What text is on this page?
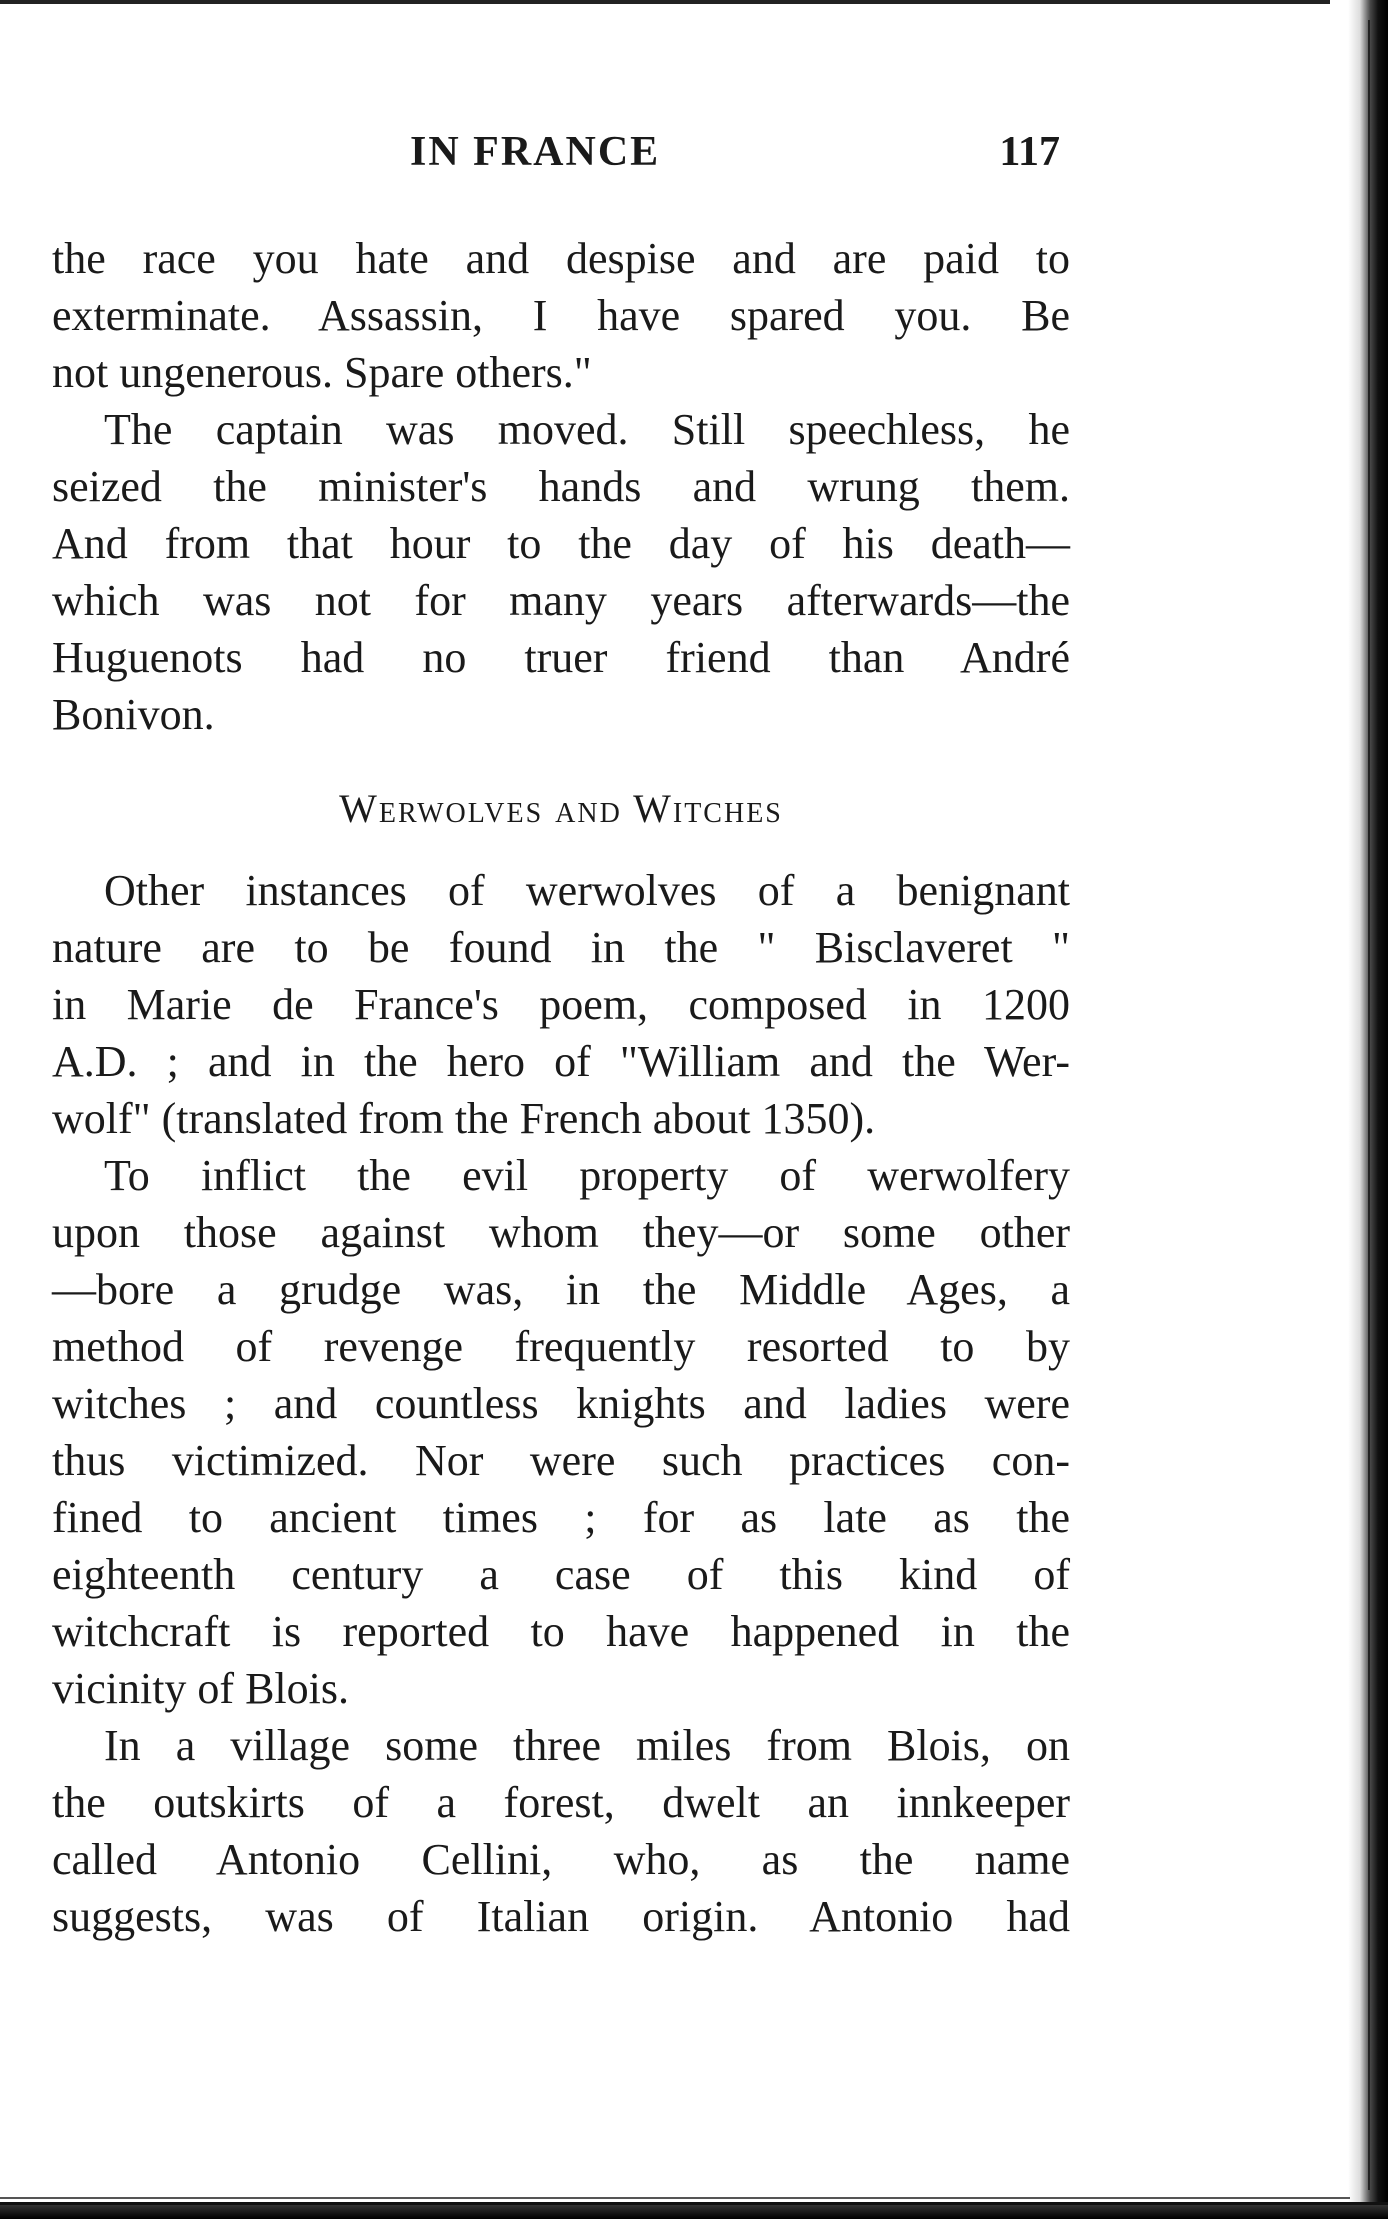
IN FRANCE	117
the race you hate and despise and are paid to
exterminate. Assassin, I have spared you. Be
not ungenerous. Spare others."
The captain was moved. Still speechless, he
seized the minister's hands and wrung them.
And from that hour to the day of his death—
which was not for many years afterwards—the
Huguenots had no truer friend than André
Bonivon.
Werwolves and Witches
Other instances of werwolves of a benignant
nature are to be found in the " Bisclaveret "
in Marie de France's poem, composed in 1200
A.D. ; and in the hero of "William and the Wer-
wolf" (translated from the French about 1350).
To inflict the evil property of werwolfery
upon those against whom they—or some other
—bore a grudge was, in the Middle Ages, a
method of revenge frequently resorted to by
witches ; and countless knights and ladies were
thus victimized. Nor were such practices con-
fined to ancient times ; for as late as the
eighteenth century a case of this kind of
witchcraft is reported to have happened in the
vicinity of Blois.
In a village some three miles from Blois, on
the outskirts of a forest, dwelt an innkeeper
called Antonio Cellini, who, as the name
suggests, was of Italian origin. Antonio had
